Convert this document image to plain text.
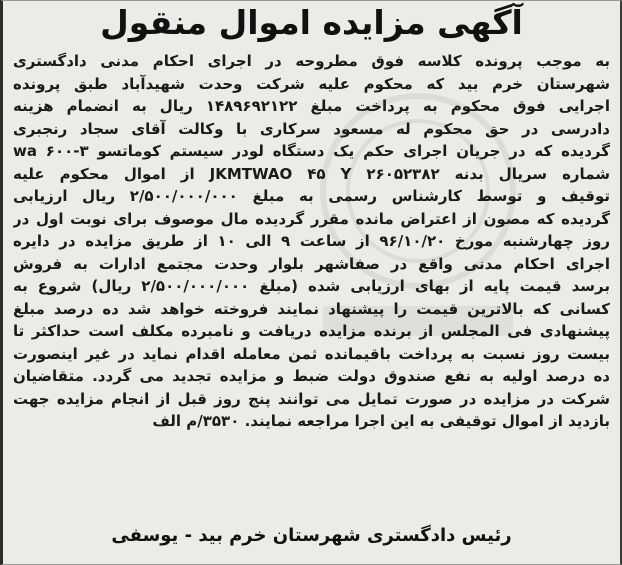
آگهی مزایده اموال منقول
به موجب پرونده کلاسه فوق مطروحه در اجرای احکام مدنی دادگستری
شهرستان خرم بید که محکوم علیه شرکت وحدت شهیدآباد طبق پرونده
اجرایی فوق محکوم به پرداخت مبلغ ۱۴۸۹۶۹۲۱۲۲ ریال به انضمام هزینه
دادرسی در حق محکوم له مسعود سرکاری با وکالت آقای سجاد رنجبری
گردیده که در جریان اجرای حکم یک دستگاه لودر سیستم کوماتسو wa ۶۰۰-۳
شماره سریال بدنه JKMTWAO ۴۵ Y ۲۶۰۵۲۳۸۲ از اموال محکوم علیه
توقیف و توسط کارشناس رسمی به مبلغ ۲/۵۰۰/۰۰۰/۰۰۰ ریال ارزیابی
گردیده که مصون از اعتراض مانده مقرر گردیده مال موصوف برای نوبت اول در
روز چهارشنبه مورخ ۹۶/۱۰/۲۰ از ساعت ۹ الی ۱۰ از طریق مزایده در دایره
اجرای احکام مدنی واقع در صفاشهر بلوار وحدت مجتمع ادارات به فروش
برسد قیمت پایه از بهای ارزیابی شده (مبلغ ۲/۵۰۰/۰۰۰/۰۰۰ ریال) شروع به
کسانی که بالاترین قیمت را پیشنهاد نمایند فروخته خواهد شد ده درصد مبلغ
پیشنهادی فی المجلس از برنده مزایده دریافت و نامبرده مکلف است حداکثر تا
بیست روز نسبت به پرداخت باقیمانده ثمن معامله اقدام نماید در غیر اینصورت
ده درصد اولیه به نفع صندوق دولت ضبط و مزایده تجدید می گردد. متقاضیان
شرکت در مزایده در صورت تمایل می توانند پنج روز قبل از انجام مزایده جهت
بازدید از اموال توقیفی به این اجرا مراجعه نمایند. ۳۵۳۰/م الف
رئیس دادگستری شهرستان خرم بید - یوسفی
